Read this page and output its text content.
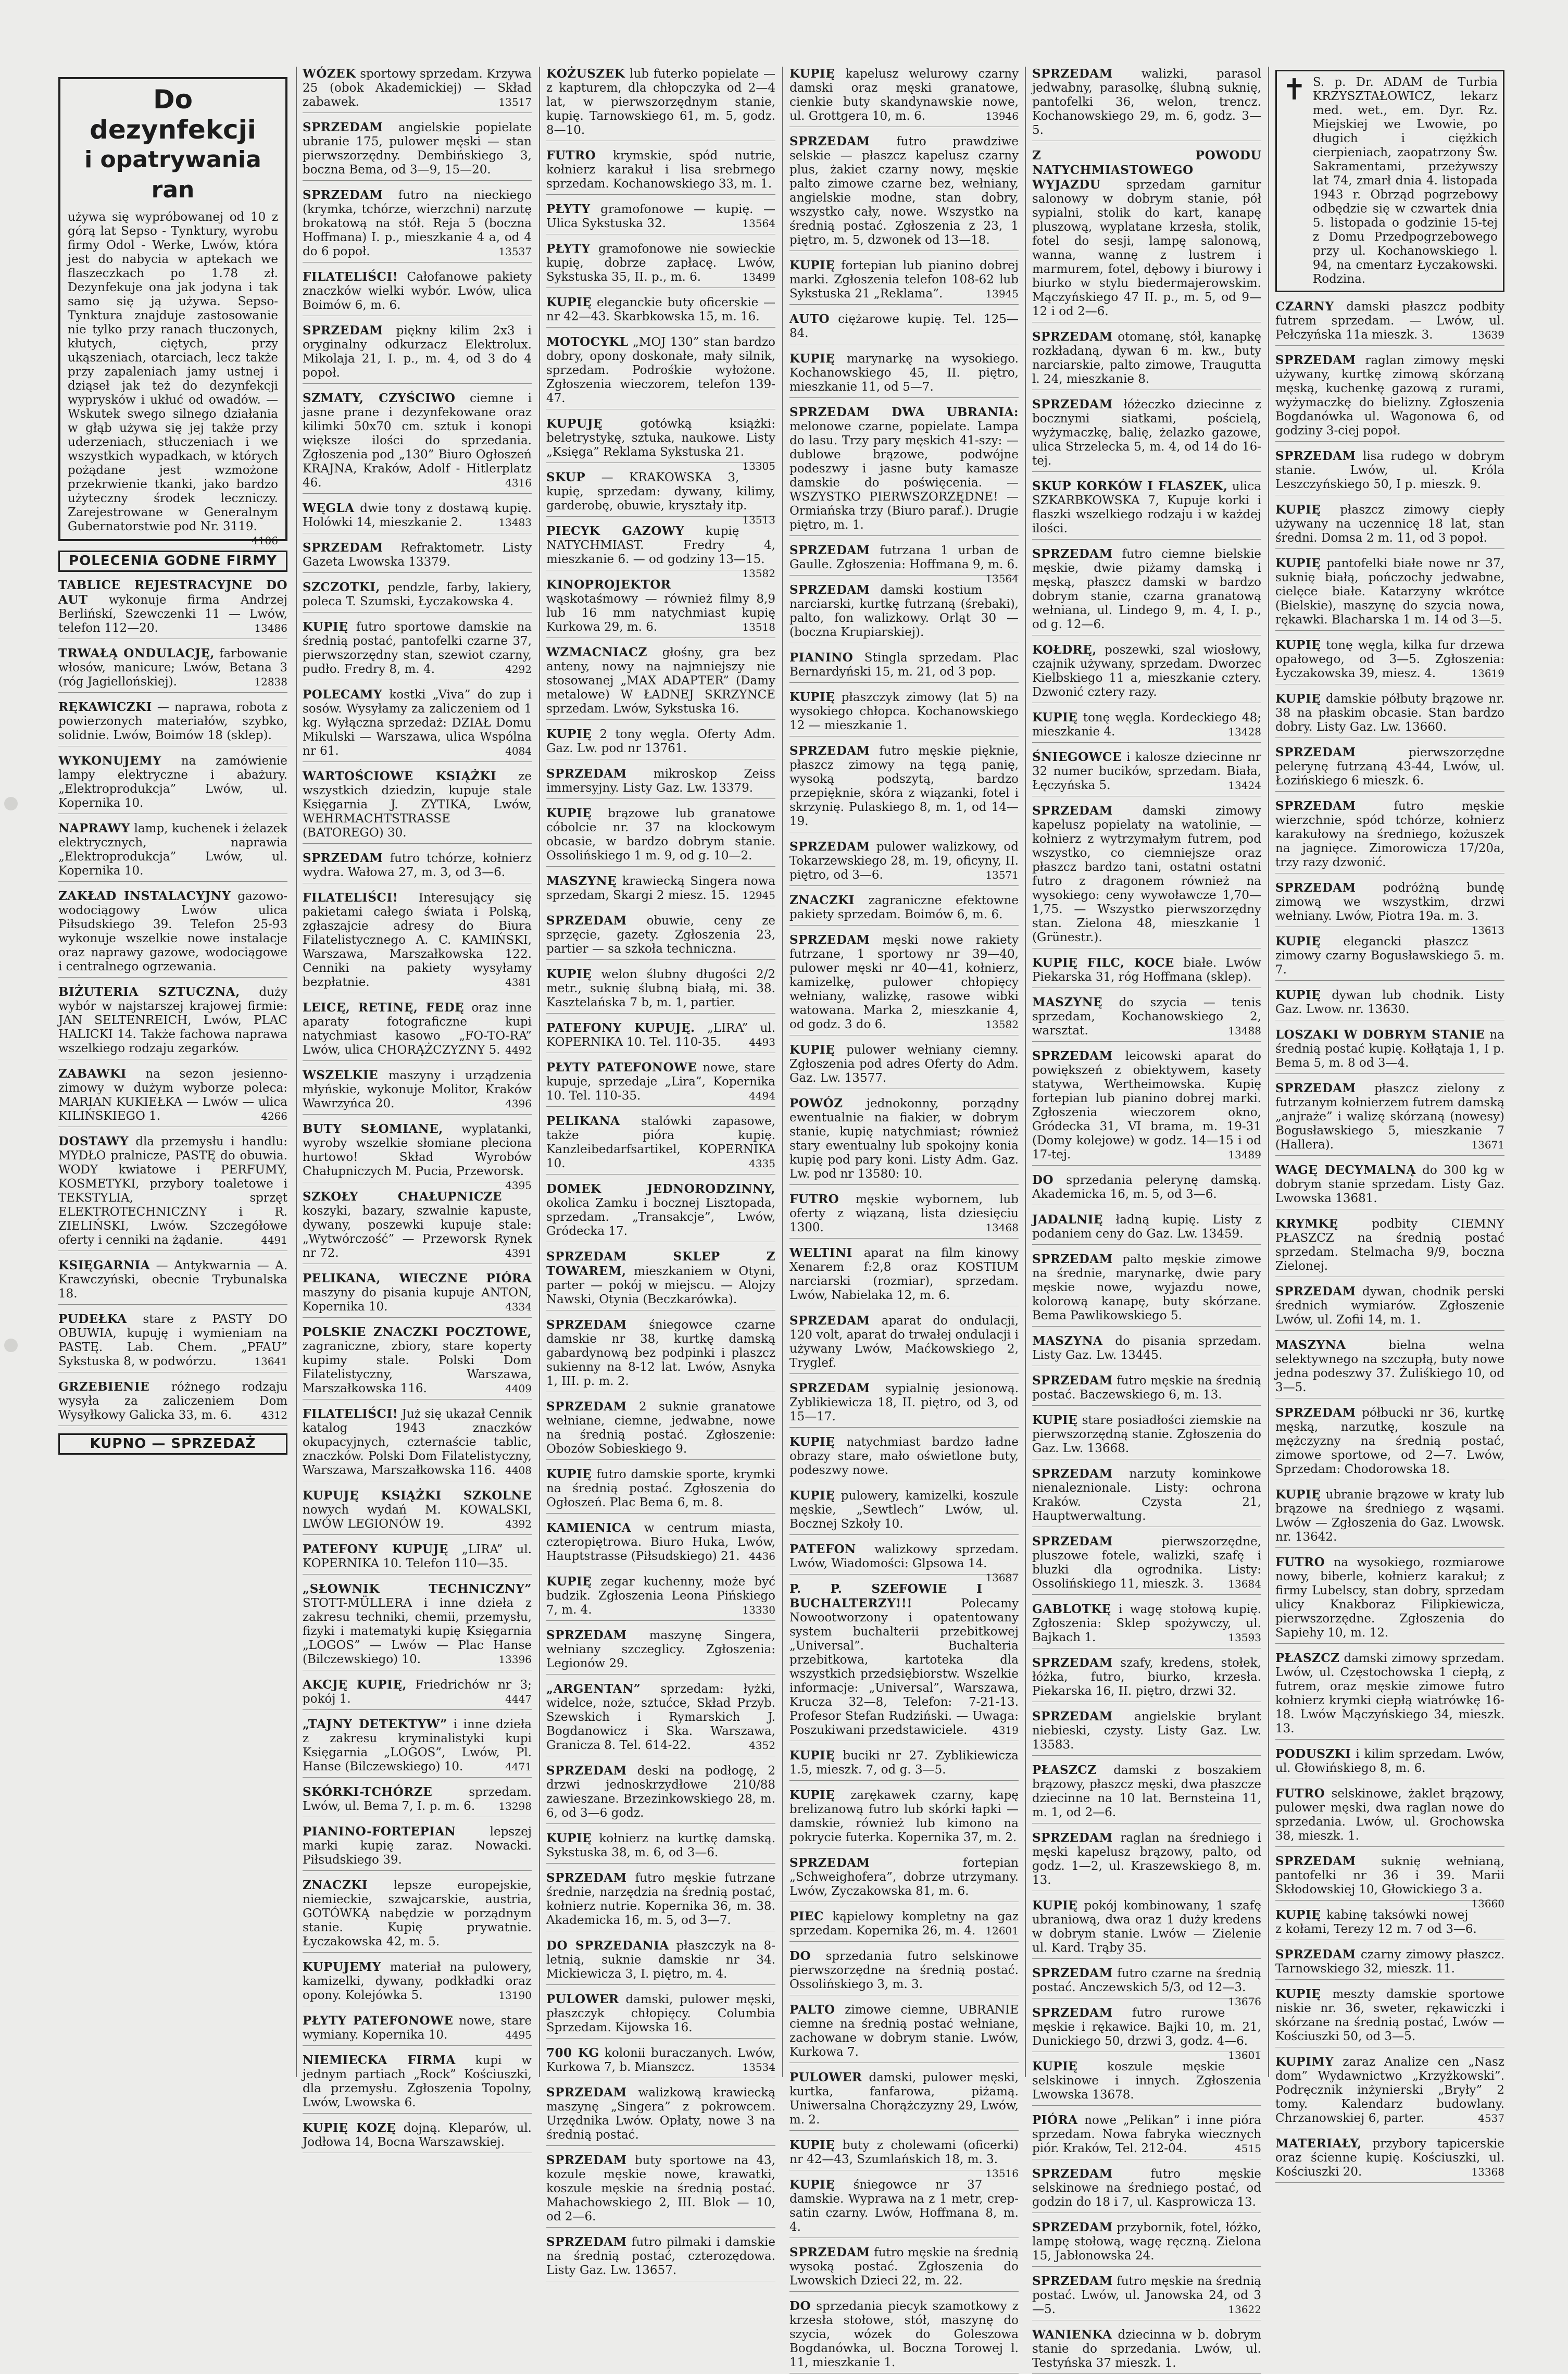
Do dezynfekcji
i opatrywania ran
używa się wypróbowanej od 10 z górą lat Sepso - Tynktury, wyrobu firmy Odol - Werke, Lwów, która jest do nabycia w aptekach we flaszeczkach po 1.78 zł. Dezynfekuje ona jak jodyna i tak samo się ją używa. Sepso-Tynktura znajduje zastosowanie nie tylko przy ranach tłuczonych, kłutych, ciętych, przy ukąszeniach, otarciach, lecz także przy zapaleniach jamy ustnej i dziąseł jak też do dezynfekcji wyprysków i ukłuć od owadów. — Wskutek swego silnego działania w głąb używa się jej także przy uderzeniach, stłuczeniach i we wszystkich wypadkach, w których pożądane jest wzmożone przekrwienie tkanki, jako bardzo użyteczny środek leczniczy. Zarejestrowane w Generalnym Gubernatorstwie pod Nr. 3119.
4106
POLECENIA GODNE FIRMY
TABLICE REJESTRACYJNE DO AUT wykonuje firma Andrzej Berlińskí, Szewczenki 11 — Lwów, telefon 112—20.	13486
TRWAŁĄ ONDULACJĘ, farbowanie włosów, manicure; Lwów, Betana 3 (róg Jagiellońskiej).	12838
RĘKAWICZKI — naprawa, robota z powierzonych materiałów, szybko, solidnie. Lwów, Boimów 18 (sklep).
WYKONUJEMY na zamówienie lampy elektryczne i abażury. „Elektroprodukcja” Lwów, ul. Kopernika 10.
NAPRAWY lamp, kuchenek i żelazek elektrycznych, naprawia „Elektroprodukcja” Lwów, ul. Kopernika 10.
ZAKŁAD INSTALACYJNY gazowo-wodociągowy Lwów ulica Piłsudskiego 39. Telefon 25-93 wykonuje wszelkie nowe instalacje oraz naprawy gazowe, wodociągowe i centralnego ogrzewania.
BIŻUTERIA SZTUCZNA, duży wybór w najstarszej krajowej firmie: JAN SELTENREICH, Lwów, PLAC HALICKI 14. Także fachowa naprawa wszelkiego rodzaju zegarków.
ZABAWKI na sezon jesienno-zimowy w dużym wyborze poleca: MARIAN KUKIEŁKA — Lwów — ulica KILIŃSKIEGO 1.	4266
DOSTAWY dla przemysłu i handlu: MYDŁO pralnicze, PASTĘ do obuwia. WODY kwiatowe i PERFUMY, KOSMETYKI, przybory toaletowe i TEKSTYLIA, sprzęt ELEKTROTECHNICZNY i R. ZIELIŃSKI, Lwów. Szczegółowe oferty i cenniki na żądanie.	4491
KSIĘGARNIA — Antykwarnia — A. Krawczyński, obecnie Trybunalska 18.
PUDEŁKA stare z PASTY DO OBUWIA, kupuję i wymieniam na PASTĘ. Lab. Chem. „PFAU” Sykstuska 8, w podwórzu.	13641
GRZEBIENIE różnego rodzaju wysyła za zaliczeniem Dom Wysyłkowy Galicka 33, m. 6.	4312
KUPNO — SPRZEDAŻ
WÓZEK sportowy sprzedam. Krzywa 25 (obok Akademickiej) — Skład zabawek.	13517
SPRZEDAM angielskie popielate ubranie 175, pulower męski — stan pierwszorzędny. Dembińskiego 3, boczna Bema, od 3—9, 15—20.
SPRZEDAM futro na nieckiego (krymka, tchórze, wierzchni) narzutę brokatową na stół. Reja 5 (boczna Hoffmana) I. p., mieszkanie 4 a, od 4 do 6 popoł.	13537
FILATELIŚCI! Całofanowe pakiety znaczków wielki wybór. Lwów, ulica Boimów 6, m. 6.
SPRZEDAM piękny kilim 2x3 i oryginalny odkurzacz Elektrolux. Mikolaja 21, I. p., m. 4, od 3 do 4 popoł.
SZMATY, CZYŚCIWO ciemne i jasne prane i dezynfekowane oraz kilimki 50x70 cm. sztuk i konopi większe ilości do sprzedania. Zgłoszenia pod „130” Biuro Ogłoszeń KRAJNA, Kraków, Adolf - Hitlerplatz 46.	4316
WĘGLA dwie tony z dostawą kupię. Holówki 14, mieszkanie 2.	13483
SPRZEDAM Refraktometr. Listy Gazeta Lwowska 13379.
SZCZOTKI, pendzle, farby, lakiery, poleca T. Szumski, Łyczakowska 4.
KUPIĘ futro sportowe damskie na średnią postać, pantofelki czarne 37, pierwszorzędny stan, szewiot czarny, pudło. Fredry 8, m. 4.	4292
POLECAMY kostki „Viva” do zup i sosów. Wysyłamy za zaliczeniem od 1 kg. Wyłączna sprzedaż: DZIAŁ Domu Mikulski — Warszawa, ulica Wspólna nr 61.	4084
WARTOŚCIOWE KSIĄŻKI ze wszystkich dziedzin, kupuje stale Księgarnia J. ZYTIKA, Lwów, WEHRMACHTSTRASSE (BATOREGO) 30.
SPRZEDAM futro tchórze, kołnierz wydra. Wałowa 27, m. 3, od 3—6.
FILATELIŚCI! Interesujący się pakietami całego świata i Polską, zgłaszajcie adresy do Biura Filatelistycznego A. C. KAMIŃSKI, Warszawa, Marszałkowska 122. Cenniki na pakiety wysyłamy bezpłatnie.	4381
LEICĘ, RETINĘ, FEDĘ oraz inne aparaty fotograficzne kupi natychmiast kasowo „FO-TO-RA” Lwów, ulica CHORĄŻCZYZNY 5. 4492
WSZELKIE maszyny i urządzenia młyńskie, wykonuje Molitor, Kraków Wawrzyńca 20.	4396
BUTY SŁOMIANE, wyplatanki, wyroby wszelkie słomiane pleciona hurtowo! Skład Wyrobów Chałupniczych M. Pucia, Przeworsk.
4395
SZKOŁY CHAŁUPNICZE koszyki, bazary, szwalnie kapuste, dywany, poszewki kupuje stale: „Wytwórczość” — Przeworsk Rynek nr 72.	4391
PELIKANA, WIECZNE PIÓRA maszyny do pisania kupuje ANTON, Kopernika 10.	4334
POLSKIE ZNACZKI POCZTOWE, zagraniczne, zbiory, stare koperty kupimy stale. Polski Dom Filatelistyczny, Warszawa, Marszałkowska 116.	4409
FILATELIŚCI! Już się ukazał Cennik katalog 1943 znaczków okupacyjnych, czternaście tablic, znaczków. Polski Dom Filatelistyczny, Warszawa, Marszałkowska 116. 4408
KUPUJĘ KSIĄŻKI SZKOLNE nowych wydań M. KOWALSKI, LWÓW LEGIONÓW 19.	4392
PATEFONY KUPUJĘ „LIRA” ul. KOPERNIKA 10. Telefon 110—35.
„SŁOWNIK TECHNICZNY” STOTT-MÜLLERA i inne dzieła z zakresu techniki, chemii, przemysłu, fizyki i matematyki kupię Księgarnia „LOGOS” — Lwów — Plac Hanse (Bilczewskiego) 10.	13396
AKCJĘ KUPIĘ, Friedrichów nr 3; pokój 1.	4447
„TAJNY DETEKTYW” i inne dzieła z zakresu kryminalistyki kupi Księgarnia „LOGOS”, Lwów, Pl. Hanse (Bilczewskiego) 10.	4471
SKÓRKI-TCHÓRZE	sprzedam. Lwów, ul. Bema 7, I. p. m. 6.	13298
PIANINO-FORTEPIAN	lepszej marki kupię zaraz. Nowacki. Piłsudskiego 39.
ZNACZKI lepsze europejskie, niemieckie, szwajcarskie, austria, GOTÓWKĄ nabędzie w porządnym stanie. Kupię prywatnie. Łyczakowska 42, m. 5.
KUPUJEMY materiał na pulowery, kamizelki, dywany, podkładki oraz opony. Kolejówka 5.	13190
PŁYTY PATEFONOWE nowe, stare wymiany. Kopernika 10.	4495
NIEMIECKA FIRMA kupi w jednym partiach „Rock” Kościuszki, dla przemysłu. Zgłoszenia Topolny, Lwów, Lwowska 6.
KUPIĘ KOZĘ dojną. Kleparów, ul. Jodłowa 14, Bocna Warszawskiej.
KOŻUSZEK lub futerko popielate — z kapturem, dla chłopczyka od 2—4 lat, w pierwszorzędnym stanie, kupię. Tarnowskiego 61, m. 5, godz. 8—10.
FUTRO krymskie, spód nutrie, kołnierz karakuł i lisa srebrnego sprzedam. Kochanowskiego 33, m. 1.
PŁYTY gramofonowe — kupię. — Ulica Sykstuska 32.	13564
PŁYTY gramofonowe nie sowieckie kupię, dobrze zapłacę. Lwów, Sykstuska 35, II. p., m. 6.	13499
KUPIĘ eleganckie buty oficerskie — nr 42—43. Skarbkowska 15, m. 16.
MOTOCYKL „MOJ 130” stan bardzo dobry, opony doskonałe, mały silnik, sprzedam. Podrośkie wyłożone. Zgłoszenia wieczorem, telefon 139-47.
KUPUJĘ	gotówką książki: beletrystykę, sztuka, naukowe. Listy „Księga” Reklama Sykstuska 21.
13305
SKUP — KRAKOWSKA 3, kupię, sprzedam: dywany, kilimy, garderobę, obuwie, kryształy itp.
13513
PIECYK GAZOWY kupię NATYCHMIAST. Fredry 4, mieszkanie 6. — od godziny 13—15.
13582
KINOPROJEKTOR wąskotaśmowy — również filmy 8,9 lub 16 mm natychmiast kupię Kurkowa 29, m. 6.	13518
WZMACNIACZ głośny, gra bez anteny, nowy na najmniejszy nie stosowanej „MAX ADAPTER” (Damy metalowe) W ŁADNEJ SKRZYNCE sprzedam. Lwów, Sykstuska 16.
KUPIĘ 2 tony węgla. Oferty Adm. Gaz. Lw. pod nr 13761.
SPRZEDAM mikroskop Zeiss immersyjny. Listy Gaz. Lw. 13379.
KUPIĘ brązowe lub granatowe cóbolcie nr. 37 na klockowym obcasie, w bardzo dobrym stanie. Ossolińskiego 1 m. 9, od g. 10—2.
MASZYNĘ krawiecką Singera nowa sprzedam, Skargi 2 miesz. 15.	12945
SPRZEDAM obuwie, ceny ze sprzęcie, gazety. Zgłoszenia 23, partier — sa szkoła techniczna.
KUPIĘ welon ślubny długości 2/2 metr., suknię ślubną białą, mi. 38. Kasztelańska 7 b, m. 1, partier.
PATEFONY KUPUJĘ. „LIRA” ul. KOPERNIKA 10. Tel. 110-35.	4493
PŁYTY PATEFONOWE nowe, stare kupuje, sprzedaje „Lira”, Kopernika 10. Tel. 110-35.	4494
PELIKANA stalówki zapasowe, także pióra kupię. Kanzleibedarfsartikel, KOPERNIKA 10.	4335
DOMEK JEDNORODZINNY, okolica Zamku i bocznej Lisztopada, sprzedam. „Transakcje”, Lwów, Gródecka 17.
SPRZEDAM SKLEP Z TOWAREM, mieszkaniem w Otyni, parter — pokój w miejscu. — Alojzy Nawski, Otynia (Beczkarówka).
SPRZEDAM śniegowce czarne damskie nr 38, kurtkę damską gabardynową bez podpinki i plaszcz sukienny na 8-12 lat. Lwów, Asnyka 1, III. p. m. 2.
SPRZEDAM 2 suknie granatowe wełniane, ciemne, jedwabne, nowe na średnią postać. Zgłoszenie: Obozów Sobieskiego 9.
KUPIĘ futro damskie sporte, krymki na średnią postać. Zgłoszenia do Ogłoszeń. Plac Bema 6, m. 8.
KAMIENICA w centrum miasta, czteropiętrowa. Biuro Huka, Lwów, Hauptstrasse (Piłsudskiego) 21. 4436
KUPIĘ zegar kuchenny, może być budzik. Zgłoszenia Leona Pińskiego 7, m. 4.	13330
SPRZEDAM maszynę Singera, wełniany szczeglicy. Zgłoszenia: Legionów 29.
„ARGENTAN” sprzedam: łyżki, widelce, noże, sztućce, Skład Przyb. Szewskich i Rymarskich J. Bogdanowicz i Ska. Warszawa, Granicza 8. Tel. 614-22.	4352
SPRZEDAM deski na podłogę, 2 drzwi jednoskrzydłowe 210/88 zawieszane. Brzezinkowskiego 28, m. 6, od 3—6 godz.
KUPIĘ kołnierz na kurtkę damską. Sykstuska 38, m. 6, od 3—6.
SPRZEDAM futro męskie futrzane średnie, narzędzia na średnią postać, kołnierz nutrie. Kopernika 36, m. 38. Akademicka 16, m. 5, od 3—7.
DO SPRZEDANIA płaszczyk na 8-letnią, suknie damskie nr 34. Mickiewicza 3, I. piętro, m. 4.
PULOWER damski, pulower męski, płaszczyk chłopięcy. Columbia Sprzedam. Kijowska 16.
700 KG kolonii buraczanych. Lwów, Kurkowa 7, b. Mianszcz.	13534
SPRZEDAM walizkową krawiecką maszynę „Singera” z pokrowcem. Urzędnika Lwów. Opłaty, nowe 3 na średnią postać.
SPRZEDAM buty sportowe na 43, kozule męskie nowe, krawatki, koszule męskie na średnią postać. Mahachowskiego 2, III. Blok — 10, od 2—6.
SPRZEDAM futro pilmaki i damskie na średnią postać, czterozędowa. Listy Gaz. Lw. 13657.
KUPIĘ kapelusz welurowy czarny damski oraz męski granatowe, cienkie buty skandynawskie nowe, ul. Grottgera 10, m. 6.	13946
SPRZEDAM futro prawdziwe selskie — płaszcz kapelusz czarny plus, żakiet czarny nowy, męskie palto zimowe czarne bez, wełniany, angielskie modne, stan dobry, wszystko cały, nowe. Wszystko na średnią postać. Zgłoszenia z 23, 1 piętro, m. 5, dzwonek od 13—18.
KUPIĘ fortepian lub pianino dobrej marki. Zgłoszenia telefon 108-62 lub Sykstuska 21 „Reklama”.	13945
AUTO ciężarowe kupię. Tel. 125—84.
KUPIĘ marynarkę na wysokiego. Kochanowskiego 45, II. piętro, mieszkanie 11, od 5—7.
SPRZEDAM DWA UBRANIA: melonowe czarne, popielate. Lampa do lasu. Trzy pary męskich 41-szy: — dublowe brązowe, podwójne podeszwy i jasne buty kamasze damskie do poświęcenia. — WSZYSTKO PIERWSZORZĘDNE! — Ormiańska trzy (Biuro paraf.). Drugie piętro, m. 1.
SPRZEDAM futrzana 1 urban de Gaulle. Zgłoszenia: Hoffmana 9, m. 6.
13564
SPRZEDAM damski kostium narciarski, kurtkę futrzaną (śrebaki), palto, fon walizkowy. Orląt 30 — (boczna Krupiarskiej).
PIANINO Stingla sprzedam. Plac Bernardyński 15, m. 21, od 3 pop.
KUPIĘ płaszczyk zimowy (lat 5) na wysokiego chłopca. Kochanowskiego 12 — mieszkanie 1.
SPRZEDAM futro męskie pięknie, płaszcz zimowy na tęgą panię, wysoką podszytą, bardzo przepięknie, skóra z wiązanki, fotel i skrzynię. Pulaskiego 8, m. 1, od 14—19.
SPRZEDAM pulower walizkowy, od Tokarzewskiego 28, m. 19, oficyny, II. piętro, od 3—6.	13571
ZNACZKI zagraniczne efektowne pakiety sprzedam. Boimów 6, m. 6.
SPRZEDAM męski nowe rakiety futrzane, 1 sportowy nr 39—40, pulower męski nr 40—41, kołnierz, kamizelkę, pulower chłopięcy wełniany, walizkę, rasowe wibki watowana. Marka 2, mieszkanie 4, od godz. 3 do 6.	13582
KUPIĘ pulower wełniany ciemny. Zgłoszenia pod adres Oferty do Adm. Gaz. Lw. 13577.
POWÓZ jednokonny, porządny ewentualnie na fiakier, w dobrym stanie, kupię natychmiast; również stary ewentualny lub spokojny konia kupię pod pary koni. Listy Adm. Gaz. Lw. pod nr 13580: 10.
FUTRO męskie wybornem, lub oferty z wiązaną, lista dziesięciu 1300.	13468
WELTINI aparat na film kinowy Xenarem f:2,8 oraz KOSTIUM narciarski (rozmiar), sprzedam. Lwów, Nabielaka 12, m. 6.
SPRZEDAM aparat do ondulacji, 120 volt, aparat do trwałej ondulacji i używany Lwów, Maćkowskiego 2, Tryglef.
SPRZEDAM sypialnię jesionową. Zyblikiewicza 18, II. piętro, od 3, od 15—17.
KUPIĘ natychmiast bardzo ładne obrazy stare, mało oświetlone buty, podeszwy nowe.
KUPIĘ pulowery, kamizelki, koszule męskie, „Sewtlech” Lwów, ul. Bocznej Szkoły 10.
PATEFON walizkowy sprzedam. Lwów, Wiadomości: Glpsowa 14.
13687
P. P. SZEFOWIE I BUCHALTERZY!!!	Polecamy Nowootworzony i opatentowany system buchalterii przebitkowej „Universal”. Buchalteria przebitkowa, kartoteka dla wszystkich przedsiębiorstw. Wszelkie informacje: „Universal”, Warszawa, Krucza 32—8, Telefon: 7-21-13. Profesor Stefan Rudziński. — Uwaga: Poszukiwani przedstawiciele.	4319
KUPIĘ buciki nr 27. Zyblikiewicza 1.5, mieszk. 7, od g. 3—5.
KUPIĘ zarękawek czarny, kapę brelizanową futro lub skórki łapki — damskie, również lub kimono na pokrycie futerka. Kopernika 37, m. 2.
SPRZEDAM	fortepian „Schweighofera”, dobrze utrzymany. Lwów, Zyczakowska 81, m. 6.
PIEC kąpielowy kompletny na gaz sprzedam. Kopernika 26, m. 4. 12601
DO sprzedania futro selskinowe pierwszorzędne na średnią postać. Ossolińskiego 3, m. 3.
PALTO zimowe ciemne, UBRANIE ciemne na średnią postać wełniane, zachowane w dobrym stanie. Lwów, Kurkowa 7.
PULOWER damski, pulower męski, kurtka, fanfarowa, piżamą. Uniwersalna Chorążczyzny 29, Lwów, m. 2.
KUPIĘ buty z cholewami (oficerki) nr 42—43, Szumlańskich 18, m. 3.
13516
KUPIĘ śniegowce nr 37 damskie. Wyprawa na z 1 metr, crep-satin czarny. Lwów, Hoffmana 8, m. 4.
SPRZEDAM futro męskie na średnią wysoką postać. Zgłoszenia do Lwowskich Dzieci 22, m. 22.
DO sprzedania piecyk szamotkowy z krzesła stołowe, stół, maszynę do szycia, wózek do Goleszowa Bogdanówka, ul. Boczna Torowej l. 11, mieszkanie 1.
SPRZEDAM walizki, parasol jedwabny, parasolkę, ślubną suknię, pantofelki 36, welon, trencz. Kochanowskiego 29, m. 6, godz. 3—5.
Z POWODU NATYCHMIASTOWEGO WYJAZDU sprzedam garnitur salonowy w dobrym stanie, pół sypialni, stolik do kart, kanapę pluszową, wyplatane krzesła, stolik, fotel do sesji, lampę salonową, wanna, wannę z lustrem i marmurem, fotel, dębowy i biurowy i biurko w stylu biedermajerowskim. Mączyńskiego 47 II. p., m. 5, od 9—12 i od 2—6.
SPRZEDAM otomanę, stół, kanapkę rozkładaną, dywan 6 m. kw., buty narciarskie, palto zimowe, Traugutta l. 24, mieszkanie 8.
SPRZEDAM łóżeczko dziecinne z bocznymi siatkami, pościelą, wyżymaczkę, balię, żelazko gazowe, ulica Strzelecka 5, m. 4, od 14 do 16-tej.
SKUP KORKÓW I FLASZEK, ulica SZKARBKOWSKA 7, Kupuje korki i flaszki wszelkiego rodzaju i w każdej ilości.
SPRZEDAM futro ciemne bielskie męskie, dwie piżamy damską i męską, płaszcz damski w bardzo dobrym stanie, czarna granatową wełniana, ul. Lindego 9, m. 4, I. p., od g. 12—6.
KOŁDRĘ, poszewki, szal wiosłowy, czajnik używany, sprzedam. Dworzec Kielbskiego 11 a, mieszkanie cztery. Dzwonić cztery razy.
KUPIĘ tonę węgla. Kordeckiego 48; mieszkanie 4.	13428
ŚNIEGOWCE i kalosze dziecinne nr 32 numer bucików, sprzedam. Biała, Łęczyńska 5.	13424
SPRZEDAM damski zimowy kapelusz popielaty na watolinie, — kołnierz z wytrzymałym futrem, pod wszystko, co ciemniejsze oraz płaszcz bardzo tani, ostatni ostatni futro z dragonem również na wysokiego: ceny wywoławcze 1,70—1,75. — Wszystko pierwszorzędny stan. Zielona 48, mieszkanie 1 (Grünestr.).
KUPIĘ FILC, KOCE białe. Lwów Piekarska 31, róg Hoffmana (sklep).
MASZYNĘ do szycia — tenis sprzedam, Kochanowskiego 2, warsztat.	13488
SPRZEDAM leicowski aparat do powiększeń z obiektywem, kasety statywa, Wertheimowska. Kupię fortepian lub pianino dobrej marki. Zgłoszenia wieczorem okno, Gródecka 31, VI brama, m. 19-31 (Domy kolejowe) w godz. 14—15 i od 17-tej.	13489
DO sprzedania pelerynę damską. Akademicka 16, m. 5, od 3—6.
JADALNIĘ ładną kupię. Listy z podaniem ceny do Gaz. Lw. 13459.
SPRZEDAM palto męskie zimowe na średnie, marynarkę, dwie pary męskie nowe, wyjazdu nowe, kolorową kanapę, buty skórzane. Bema Pawlikowskiego 5.
MASZYNA do pisania sprzedam. Listy Gaz. Lw. 13445.
SPRZEDAM futro męskie na średnią postać. Baczewskiego 6, m. 13.
KUPIĘ stare posiadłości ziemskie na pierwszorzędną stanie. Zgłoszenia do Gaz. Lw. 13668.
SPRZEDAM narzuty kominkowe nienaleznionale. Listy: ochrona Kraków. Czysta 21, Hauptwerwaltung.
SPRZEDAM	pierwszorzędne, pluszowe fotele, walizki, szafę i bluzki dla ogrodnika. Listy: Ossolińskiego 11, mieszk. 3.	13684
GABLOTKĘ i wagę stołową kupię. Zgłoszenia: Sklep spożywczy, ul. Bajkach 1.	13593
SPRZEDAM szafy, kredens, stołek, łóżka, futro, biurko, krzesła. Piekarska 16, II. piętro, drzwi 32.
SPRZEDAM angielskie brylant niebieski, czysty. Listy Gaz. Lw. 13583.
PŁASZCZ damski z boszakiem brązowy, płaszcz męski, dwa płaszcze dziecinne na 10 lat. Bernsteina 11, m. 1, od 2—6.
SPRZEDAM raglan na średniego i męski kapelusz brązowy, palto, od godz. 1—2, ul. Kraszewskiego 8, m. 13.
KUPIĘ pokój kombinowany, 1 szafę ubraniową, dwa oraz 1 duży kredens w dobrym stanie. Lwów — Zielenie ul. Kard. Trąby 35.
SPRZEDAM futro czarne na średnią postać. Anczewskich 5/3, od 12—3.
13676
SPRZEDAM futro rurowe męskie i rękawice. Bajki 10, m. 21, Dunickiego 50, drzwi 3, godz. 4—6.
13601
KUPIĘ koszule męskie selskinowe i innych. Zgłoszenia Lwowska 13678.
PIÓRA nowe „Pelikan” i inne pióra sprzedam. Nowa fabryka wiecznych piór. Kraków, Tel. 212-04.	4515
SPRZEDAM	futro męskie selskinowe na średniego postać, od godzin do 18 i 7, ul. Kasprowicza 13.
SPRZEDAM przybornik, fotel, łóżko, lampę stołową, wagę ręczną. Zielona 15, Jabłonowska 24.
SPRZEDAM futro męskie na średnią postać. Lwów, ul. Janowska 24, od 3—5.	13622
WANIENKA dziecinna w b. dobrym stanie do sprzedania. Lwów, ul. Testyńska 37 mieszk. 1.
✝ S. p. Dr. ADAM de Turbia KRZYSZTAŁOWICZ, lekarz med. wet., em. Dyr. Rz. Miejskiej we Lwowie, po długich i ciężkich cierpieniach, zaopatrzony Św. Sakramentami, przeżywszy lat 74, zmarł dnia 4. listopada 1943 r. Obrząd pogrzebowy odbędzie się w czwartek dnia 5. listopada o godzinie 15-tej z Domu Przedpogrzebowego przy ul. Kochanowskiego l. 94, na cmentarz Łyczakowski. Rodzina.
CZARNY damski płaszcz podbity futrem sprzedam. — Lwów, ul. Pełczyńska 11a mieszk. 3.	13639
SPRZEDAM raglan zimowy męski używany, kurtkę zimową skórzaną męską, kuchenkę gazową z rurami, wyżymaczkę do bielizny. Zgłoszenia Bogdanówka ul. Wagonowa 6, od godziny 3-ciej popoł.
SPRZEDAM lisa rudego w dobrym stanie. Lwów, ul. Króla Leszczyńskiego 50, I p. mieszk. 9.
KUPIĘ płaszcz zimowy ciepły używany na uczennicę 18 lat, stan średni. Domsa 2 m. 11, od 3 popoł.
KUPIĘ pantofelki białe nowe nr 37, suknię białą, pończochy jedwabne, cielęce białe. Katarzyny wkrótce (Bielskie), maszynę do szycia nowa, rękawki. Blacharska 1 m. 14 od 3—5.
KUPIĘ tonę węgla, kilka fur drzewa opałowego, od 3—5. Zgłoszenia: Łyczakowska 39, miesz. 4.	13619
KUPIĘ damskie półbuty brązowe nr. 38 na płaskim obcasie. Stan bardzo dobry. Listy Gaz. Lw. 13660.
SPRZEDAM	pierwszorzędne pelerynę futrzaną 43-44, Lwów, ul. Łozińskiego 6 mieszk. 6.
SPRZEDAM	futro męskie wierzchnie, spód tchórze, kołnierz karakułowy na średniego, kożuszek na jagnięce. Zimorowicza 17/20a, trzy razy dzwonić.
SPRZEDAM podróżną bundę zimową we wszystkim, drzwi wełniany. Lwów, Piotra 19a. m. 3.
13613
KUPIĘ elegancki płaszcz zimowy czarny Bogusławskiego 5. m. 7.
KUPIĘ dywan lub chodnik. Listy Gaz. Lwow. nr. 13630.
LOSZAKI W DOBRYM STANIE na średnią postać kupię. Kołłątaja 1, I p. Bema 5, m. 8 od 3—4.
SPRZEDAM płaszcz zielony z futrzanym kołnierzem futrem damską „anjraże” i walizę skórzaną (nowesy) Bogusławskiego 5, mieszkanie 7 (Hallera).	13671
WAGĘ DECYMALNĄ do 300 kg w dobrym stanie sprzedam. Listy Gaz. Lwowska 13681.
KRYMKĘ	podbity CIEMNY PŁASZCZ na średnią postać sprzedam. Stelmacha 9/9, boczna Zielonej.
SPRZEDAM dywan, chodnik perski średnich wymiarów. Zgłoszenie Lwów, ul. Zofii 14, m. 1.
MASZYNA	bielna welna selektywnego na szczupłą, buty nowe jedna podeszwy 37. Żuliśkiego 10, od 3—5.
SPRZEDAM półbucki nr 36, kurtkę męską, narzutkę, koszule na mężczyzny na średnią postać, zimowe sportowe, od 2—7. Lwów, Sprzedam: Chodorowska 18.
KUPIĘ ubranie brązowe w kraty lub brązowe na średniego z wąsami. Lwów — Zgłoszenia do Gaz. Lwowsk. nr. 13642.
FUTRO na wysokiego, rozmiarowe nowy, biberle, kołnierz karakuł; z firmy Lubelscy, stan dobry, sprzedam ulicy Knakboraz Filipkiewicza, pierwszorzędne. Zgłoszenia do Sapiehy 10, m. 12.
PŁASZCZ damski zimowy sprzedam. Lwów, ul. Częstochowska 1 ciepłą, z futrem, oraz męskie zimowe futro kołnierz krymki ciepłą wiatrówkę 16-18. Lwów Mączyńskiego 34, mieszk. 13.
PODUSZKI i kilim sprzedam. Lwów, ul. Głowińskiego 8, m. 6.
FUTRO selskinowe, żaklet brązowy, pulower męski, dwa raglan nowe do sprzedania. Lwów, ul. Grochowska 38, mieszk. 1.
SPRZEDAM suknię wełnianą, pantofelki nr 36 i 39. Marii Skłodowskiej 10, Głowickiego 3 a.
13660
KUPIĘ kabinę taksówki nowej z kołami, Terezy 12 m. 7 od 3—6.
SPRZEDAM czarny zimowy płaszcz. Tarnowskiego 32, mieszk. 11.
KUPIĘ meszty damskie sportowe niskie nr. 36, sweter, rękawiczki i skórzane na średnią postać, Lwów — Kościuszki 50, od 3—5.
KUPIMY zaraz Analize cen „Nasz dom” Wydawnictwo „Krzyżkowski”. Podręcznik inżynierski „Bryły” 2 tomy. Kalendarz budowlany. Chrzanowskiej 6, parter.	4537
MATERIAŁY, przybory tapicerskie oraz ścienne kupię. Kościuszki, ul. Kościuszki 20.	13368
